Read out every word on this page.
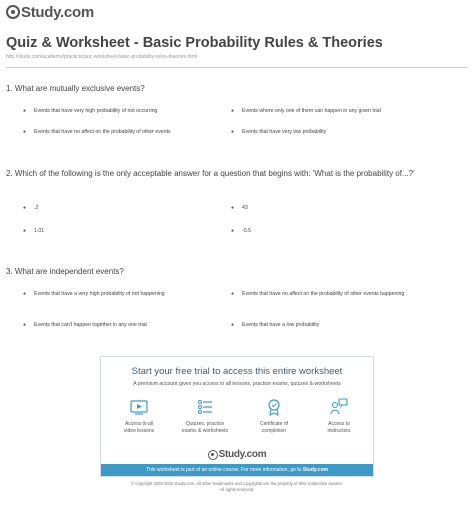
Study.com
Quiz & Worksheet - Basic Probability Rules & Theories
http://study.com/academy/practice/quiz-worksheet-basic-probability-rules-theories.html
1. What are mutually exclusive events?
● Events that have very high probability of not occurring	● Events where only one of them can happen in any given trial
● Events that have no affect on the probability of other events	● Events that have very low probability
2. Which of the following is the only acceptable answer for a question that begins with: 'What is the probability of...?'
● .2	● 43
● 1.01	● -0.5
3. What are independent events?
● Events that have a very high probability of not happening	● Events that have no affect on the probability of other events happening
● Events that can't happen together in any one trial	● Events that have a low probability
Start your free trial to access this entire worksheet
A premium account gives you access to all lessons, practice exams, quizzes & worksheets
Access to all
video lessons
Quizzes, practice
exams & worksheets
Certificate of
completion
Access to
instructors
Study.com
This worksheet is part of an online course. For more information, go to Study.com
© copyright 2003-2015 Study.com. All other trademarks and copyrights are the property of their respective owners.
All rights reserved.
